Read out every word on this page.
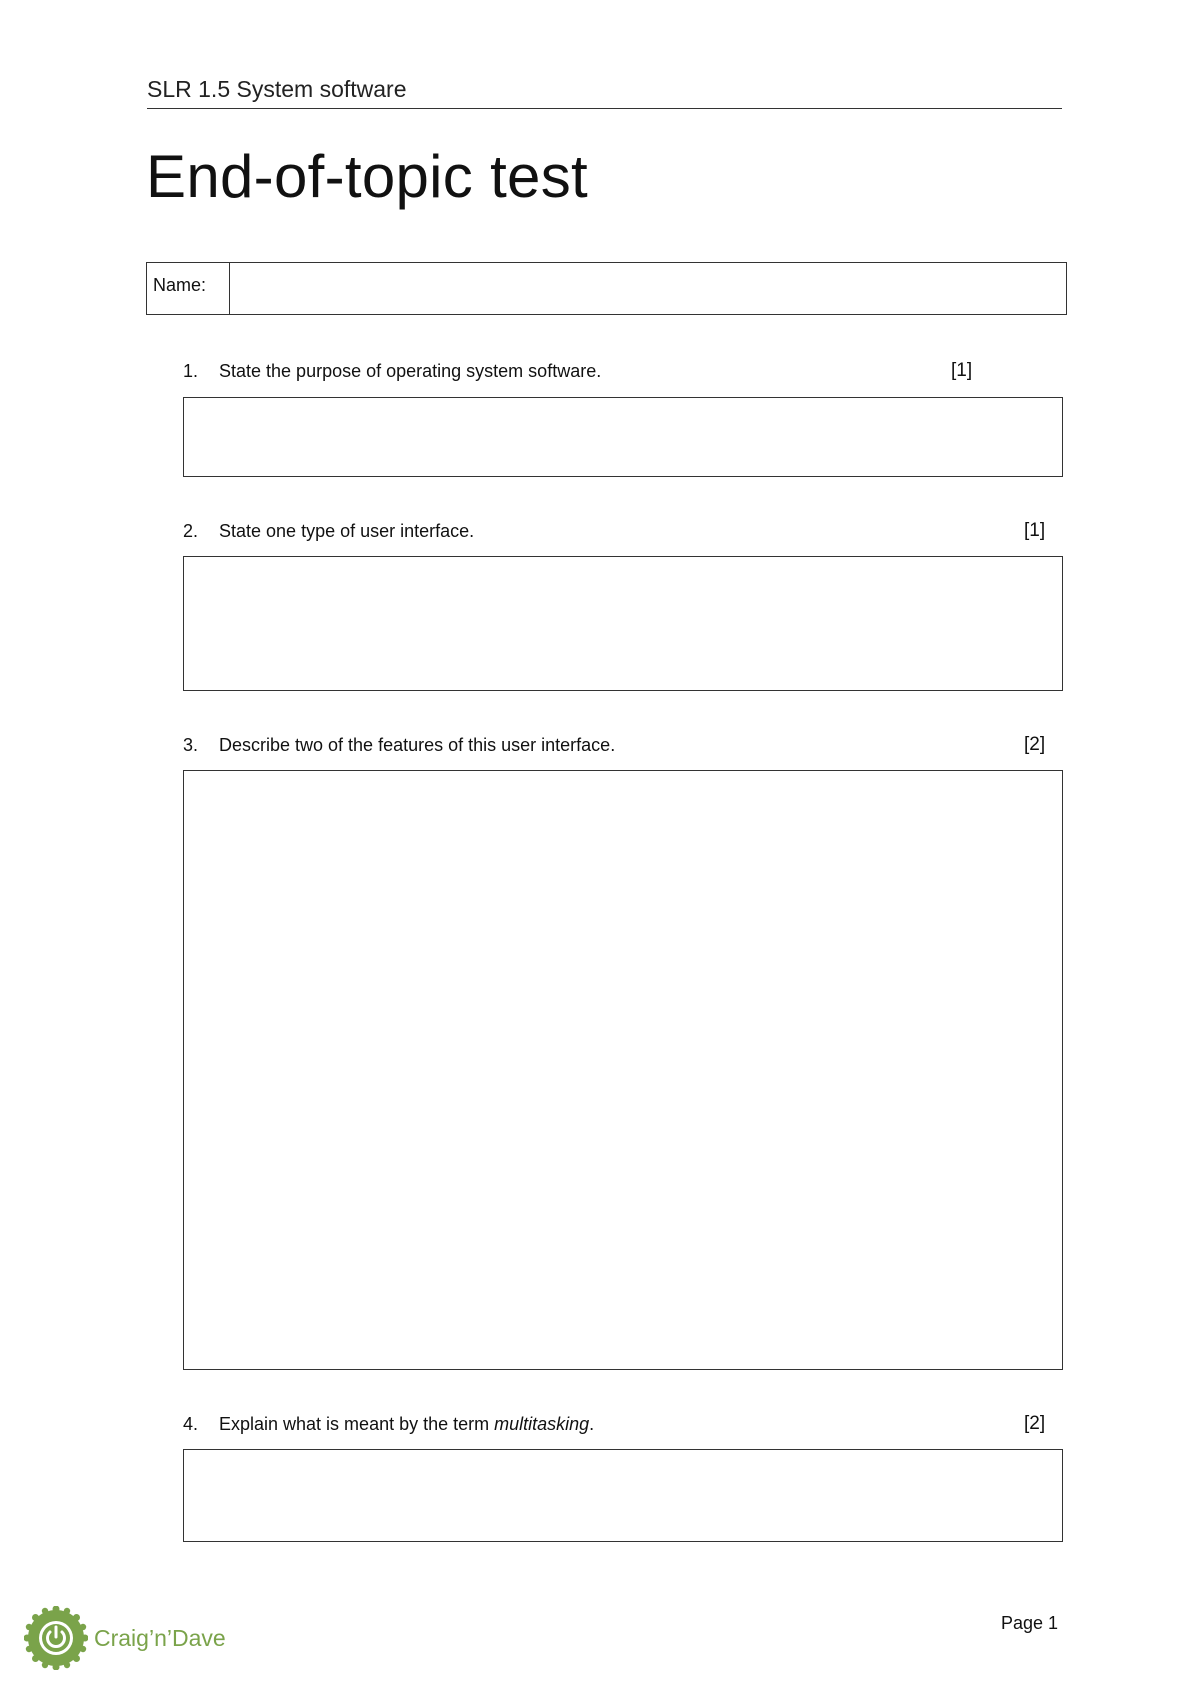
SLR 1.5 System software
End-of-topic test
Name:
1. State the purpose of operating system software.	[1]
2. State one type of user interface.	[1]
3. Describe two of the features of this user interface.	[2]
4. Explain what is meant by the term multitasking.	[2]
Page 1
Craig’n’Dave
